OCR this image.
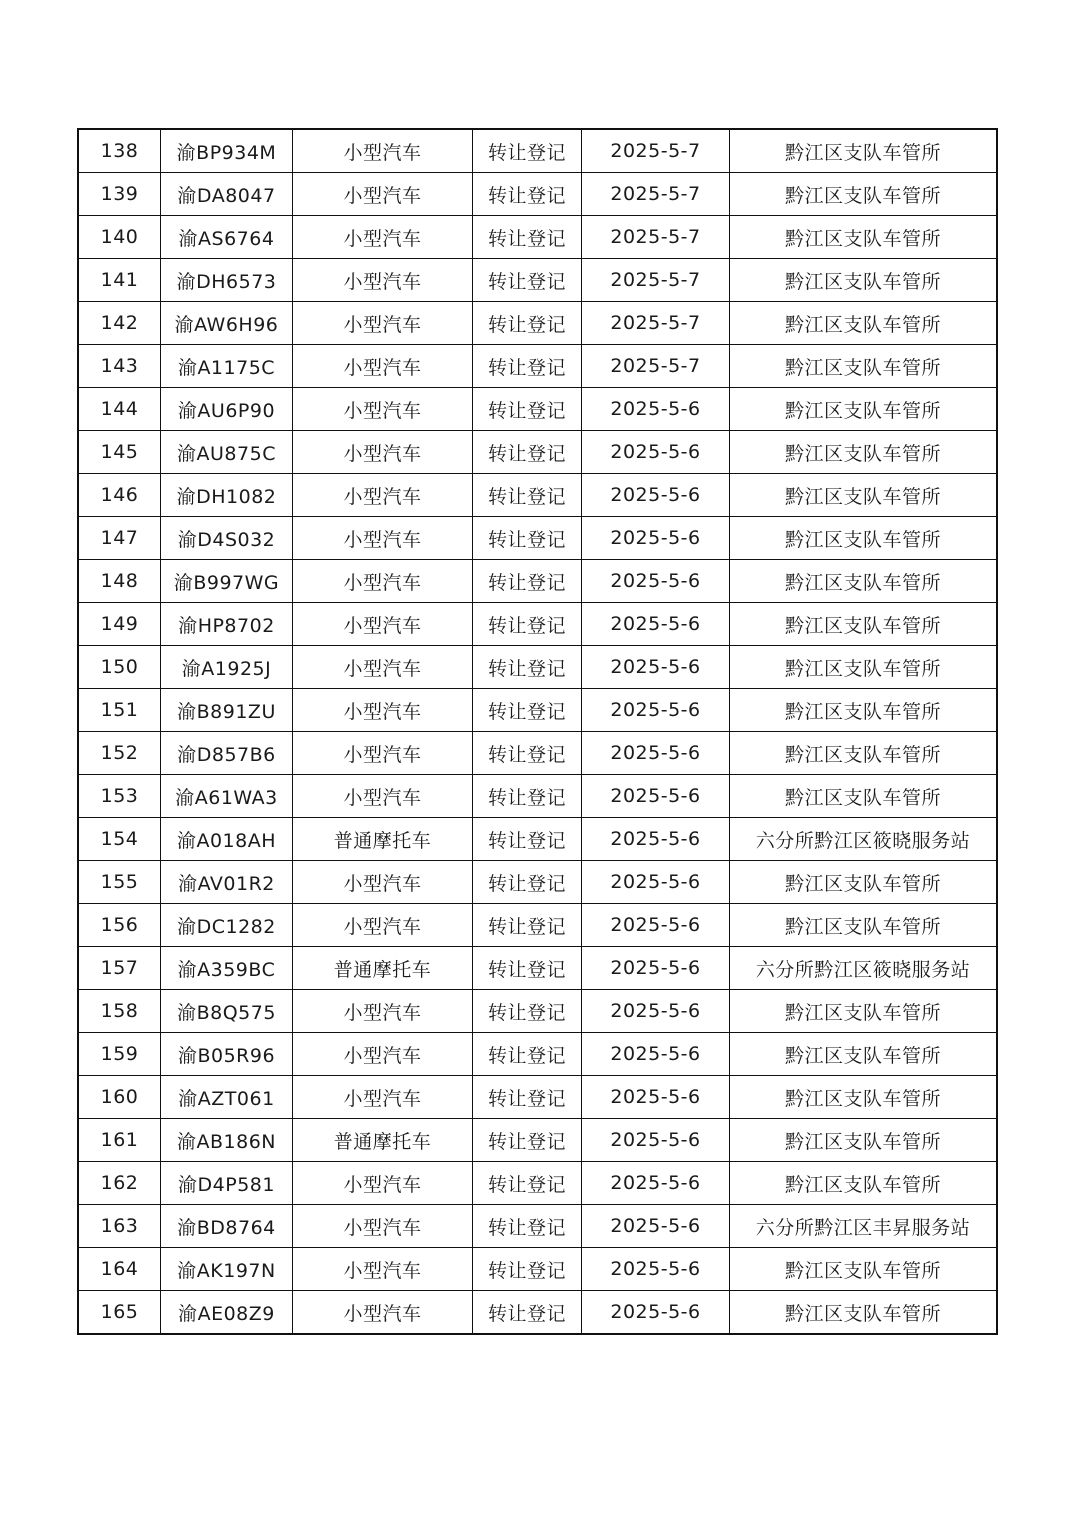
138	渝BP934M	小型汽车	转让登记	2025-5-7	黔江区支队车管所
139	渝DA8047	小型汽车	转让登记	2025-5-7	黔江区支队车管所
140	渝AS6764	小型汽车	转让登记	2025-5-7	黔江区支队车管所
141	渝DH6573	小型汽车	转让登记	2025-5-7	黔江区支队车管所
142	渝AW6H96	小型汽车	转让登记	2025-5-7	黔江区支队车管所
143	渝A1175C	小型汽车	转让登记	2025-5-7	黔江区支队车管所
144	渝AU6P90	小型汽车	转让登记	2025-5-6	黔江区支队车管所
145	渝AU875C	小型汽车	转让登记	2025-5-6	黔江区支队车管所
146	渝DH1082	小型汽车	转让登记	2025-5-6	黔江区支队车管所
147	渝D4S032	小型汽车	转让登记	2025-5-6	黔江区支队车管所
148	渝B997WG	小型汽车	转让登记	2025-5-6	黔江区支队车管所
149	渝HP8702	小型汽车	转让登记	2025-5-6	黔江区支队车管所
150	渝A1925J	小型汽车	转让登记	2025-5-6	黔江区支队车管所
151	渝B891ZU	小型汽车	转让登记	2025-5-6	黔江区支队车管所
152	渝D857B6	小型汽车	转让登记	2025-5-6	黔江区支队车管所
153	渝A61WA3	小型汽车	转让登记	2025-5-6	黔江区支队车管所
154	渝A018AH	普通摩托车	转让登记	2025-5-6	六分所黔江区筱晓服务站
155	渝AV01R2	小型汽车	转让登记	2025-5-6	黔江区支队车管所
156	渝DC1282	小型汽车	转让登记	2025-5-6	黔江区支队车管所
157	渝A359BC	普通摩托车	转让登记	2025-5-6	六分所黔江区筱晓服务站
158	渝B8Q575	小型汽车	转让登记	2025-5-6	黔江区支队车管所
159	渝B05R96	小型汽车	转让登记	2025-5-6	黔江区支队车管所
160	渝AZT061	小型汽车	转让登记	2025-5-6	黔江区支队车管所
161	渝AB186N	普通摩托车	转让登记	2025-5-6	黔江区支队车管所
162	渝D4P581	小型汽车	转让登记	2025-5-6	黔江区支队车管所
163	渝BD8764	小型汽车	转让登记	2025-5-6	六分所黔江区丰昇服务站
164	渝AK197N	小型汽车	转让登记	2025-5-6	黔江区支队车管所
165	渝AE08Z9	小型汽车	转让登记	2025-5-6	黔江区支队车管所
